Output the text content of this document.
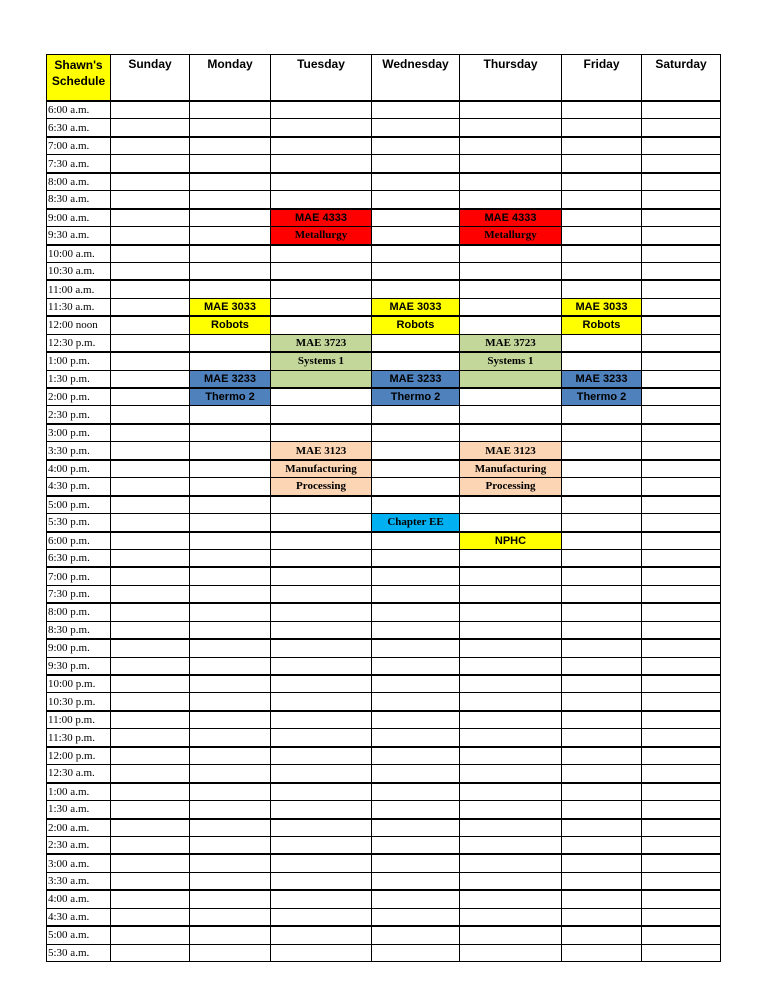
Shawn's Schedule	Sunday	Monday	Tuesday	Wednesday	Thursday	Friday	Saturday
6:00 a.m.							
6:30 a.m.							
7:00 a.m.							
7:30 a.m.							
8:00 a.m.							
8:30 a.m.							
9:00 a.m.			MAE 4333		MAE 4333		
9:30 a.m.			Metallurgy		Metallurgy		
10:00 a.m.							
10:30 a.m.							
11:00 a.m.							
11:30 a.m.		MAE 3033		MAE 3033		MAE 3033	
12:00 noon		Robots		Robots		Robots	
12:30 p.m.			MAE 3723		MAE 3723		
1:00 p.m.			Systems 1		Systems 1		
1:30 p.m.		MAE 3233		MAE 3233		MAE 3233	
2:00 p.m.		Thermo 2		Thermo 2		Thermo 2	
2:30 p.m.							
3:00 p.m.							
3:30 p.m.			MAE 3123		MAE 3123		
4:00 p.m.			Manufacturing		Manufacturing		
4:30 p.m.			Processing		Processing		
5:00 p.m.							
5:30 p.m.				Chapter EE			
6:00 p.m.					NPHC		
6:30 p.m.							
7:00 p.m.							
7:30 p.m.							
8:00 p.m.							
8:30 p.m.							
9:00 p.m.							
9:30 p.m.							
10:00 p.m.							
10:30 p.m.							
11:00 p.m.							
11:30 p.m.							
12:00 p.m.							
12:30 a.m.							
1:00 a.m.							
1:30 a.m.							
2:00 a.m.							
2:30 a.m.							
3:00 a.m.							
3:30 a.m.							
4:00 a.m.							
4:30 a.m.							
5:00 a.m.							
5:30 a.m.							
